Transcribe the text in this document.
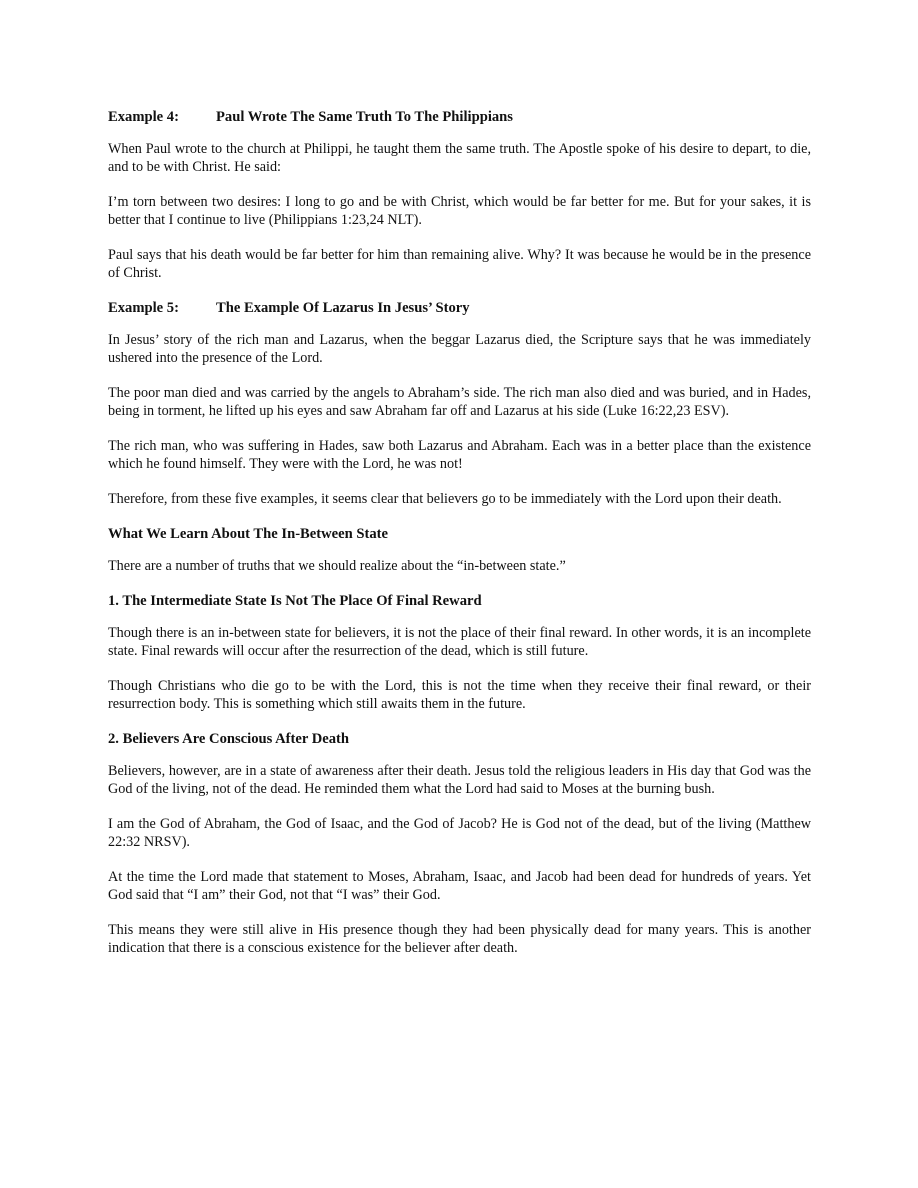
Example 4:	Paul Wrote The Same Truth To The Philippians

When Paul wrote to the church at Philippi, he taught them the same truth. The Apostle spoke of his desire to depart, to die, and to be with Christ. He said:

I’m torn between two desires: I long to go and be with Christ, which would be far better for me. But for your sakes, it is better that I continue to live (Philippians 1:23,24 NLT).

Paul says that his death would be far better for him than remaining alive. Why? It was because he would be in the presence of Christ.

Example 5:	The Example Of Lazarus In Jesus’ Story

In Jesus’ story of the rich man and Lazarus, when the beggar Lazarus died, the Scripture says that he was immediately ushered into the presence of the Lord.

The poor man died and was carried by the angels to Abraham’s side. The rich man also died and was buried, and in Hades, being in torment, he lifted up his eyes and saw Abraham far off and Lazarus at his side (Luke 16:22,23 ESV).

The rich man, who was suffering in Hades, saw both Lazarus and Abraham. Each was in a better place than the existence which he found himself. They were with the Lord, he was not!

Therefore, from these five examples, it seems clear that believers go to be immediately with the Lord upon their death.

What We Learn About The In-Between State

There are a number of truths that we should realize about the “in-between state.”

1. The Intermediate State Is Not The Place Of Final Reward

Though there is an in-between state for believers, it is not the place of their final reward. In other words, it is an incomplete state. Final rewards will occur after the resurrection of the dead, which is still future.

Though Christians who die go to be with the Lord, this is not the time when they receive their final reward, or their resurrection body. This is something which still awaits them in the future.

2. Believers Are Conscious After Death

Believers, however, are in a state of awareness after their death. Jesus told the religious leaders in His day that God was the God of the living, not of the dead. He reminded them what the Lord had said to Moses at the burning bush.

I am the God of Abraham, the God of Isaac, and the God of Jacob? He is God not of the dead, but of the living (Matthew 22:32 NRSV).

At the time the Lord made that statement to Moses, Abraham, Isaac, and Jacob had been dead for hundreds of years. Yet God said that “I am” their God, not that “I was” their God.

This means they were still alive in His presence though they had been physically dead for many years. This is another indication that there is a conscious existence for the believer after death.
